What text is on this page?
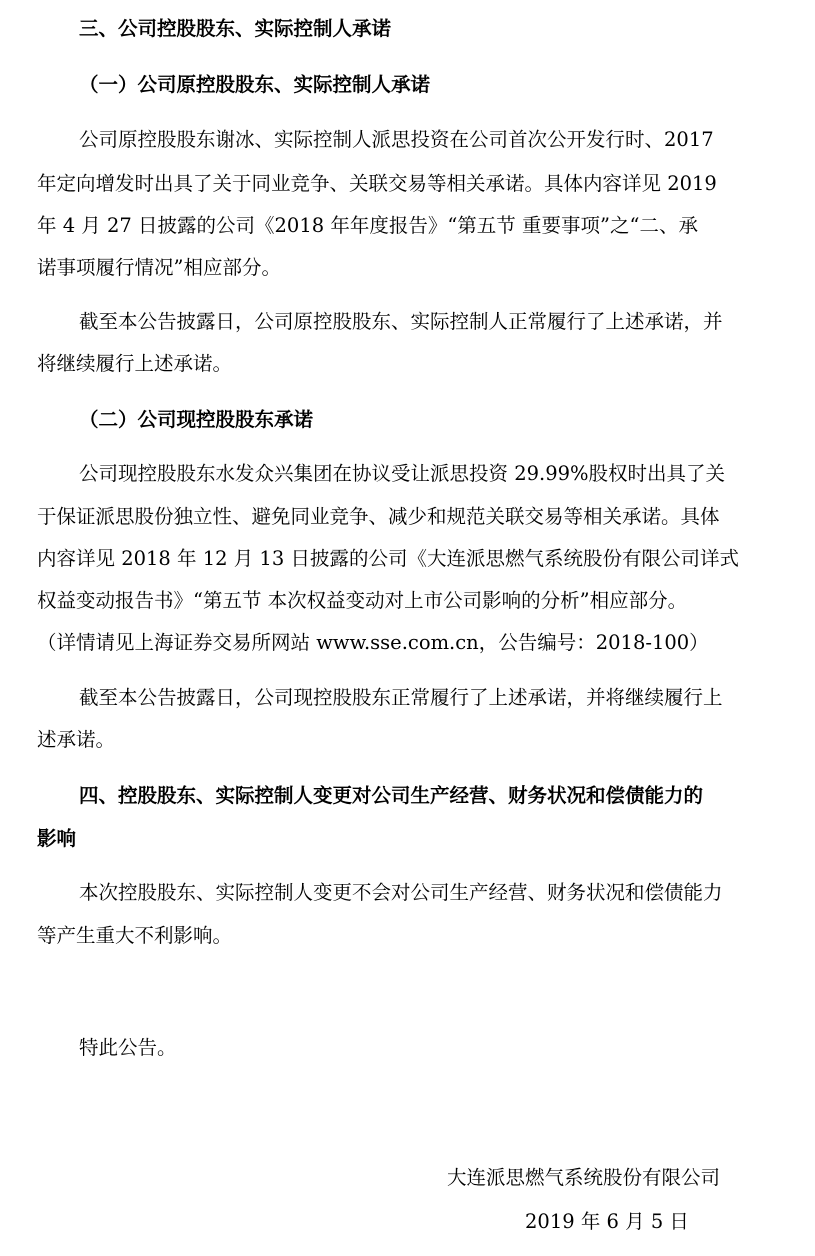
三、公司控股股东、实际控制人承诺
（一）公司原控股股东、实际控制人承诺
公司原控股股东谢冰、实际控制人派思投资在公司首次公开发行时、2017
年定向增发时出具了关于同业竞争、关联交易等相关承诺。具体内容详见 2019
年 4 月 27 日披露的公司《2018 年年度报告》“第五节 重要事项”之“二、承
诺事项履行情况”相应部分。
截至本公告披露日，公司原控股股东、实际控制人正常履行了上述承诺，并
将继续履行上述承诺。
（二）公司现控股股东承诺
公司现控股股东水发众兴集团在协议受让派思投资 29.99%股权时出具了关
于保证派思股份独立性、避免同业竞争、减少和规范关联交易等相关承诺。具体
内容详见 2018 年 12 月 13 日披露的公司《大连派思燃气系统股份有限公司详式
权益变动报告书》“第五节 本次权益变动对上市公司影响的分析”相应部分。
（详情请见上海证券交易所网站 www.sse.com.cn，公告编号：2018-100）
截至本公告披露日，公司现控股股东正常履行了上述承诺，并将继续履行上
述承诺。
四、控股股东、实际控制人变更对公司生产经营、财务状况和偿债能力的
影响
本次控股股东、实际控制人变更不会对公司生产经营、财务状况和偿债能力
等产生重大不利影响。
特此公告。
大连派思燃气系统股份有限公司
2019 年 6 月 5 日
